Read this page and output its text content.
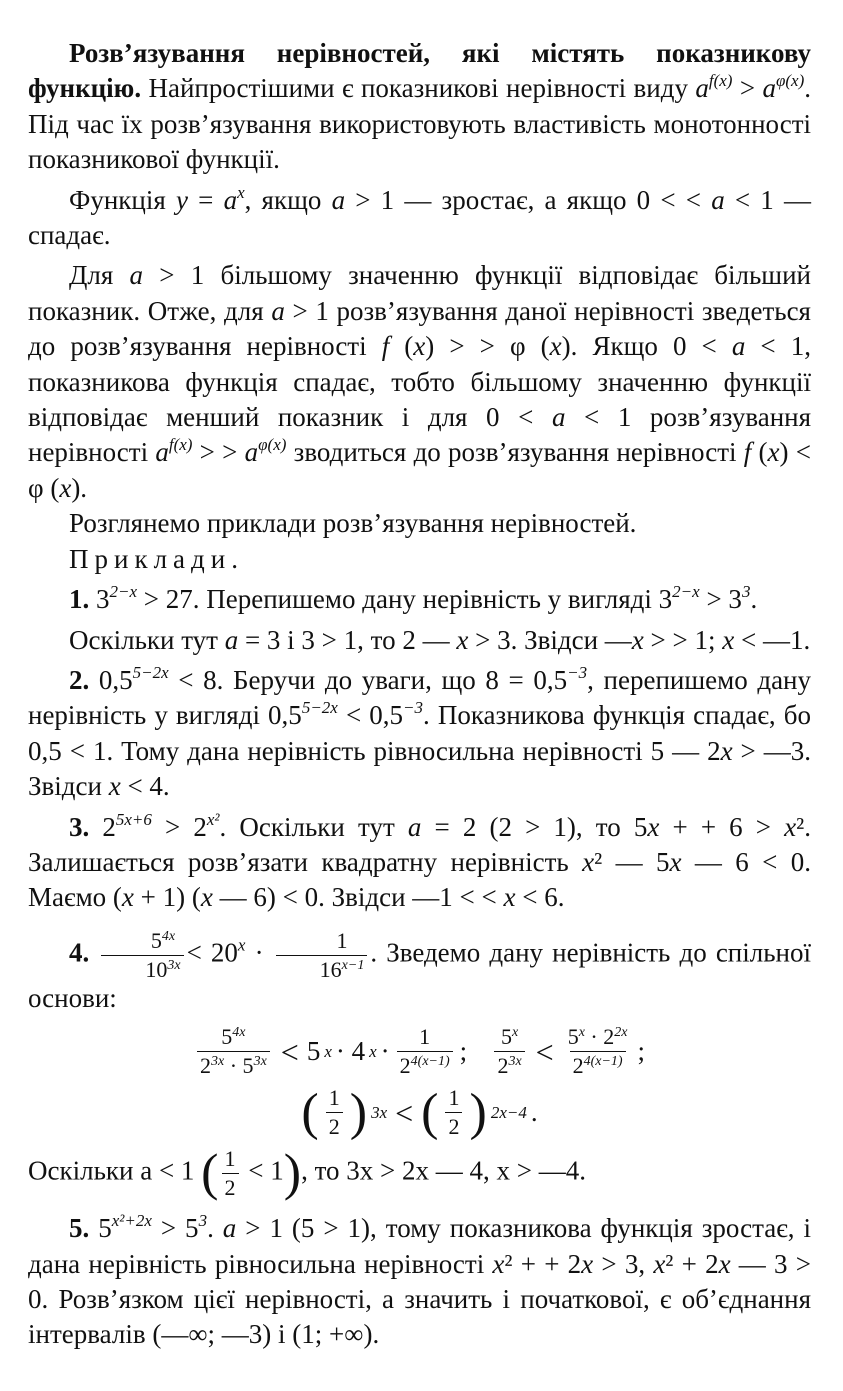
Розв’язування нерівностей, які містять показникову функцію. Найпростішими є показникові нерівності виду $a^{f(x)} > a^{\varphi(x)}$. Під час їх розв’язування використовують властивість монотонності показникової функції.

Функція $y = a^x$, якщо a > 1 — зростає, а якщо 0 < < a < 1 — спадає.

Для a > 1 більшому значенню функції відповідає більший показник. Отже, для a > 1 розв’язування даної нерівності зведеться до розв’язування нерівності f (x) > > φ (x). Якщо 0 < a < 1, показникова функція спадає, тобто більшому значенню функції відповідає менший показник і для 0 < a < 1 розв’язування нерівності $a^{f(x)}$ > > $a^{\varphi(x)}$ зводиться до розв’язування нерівності f (x) < φ (x).

Розглянемо приклади розв’язування нерівностей.

Приклади.

1. $3^{2-x} > 27$. Перепишемо дану нерівність у вигляді $3^{2-x} > 3^3$.

Оскільки тут a = 3 і 3 > 1, то 2 — x > 3. Звідси —x > > 1; x < —1.

2. $0,5^{5-2x} < 8$. Беручи до уваги, що $8 = 0,5^{-3}$, перепишемо дану нерівність у вигляді $0,5^{5-2x} < 0,5^{-3}$. Показникова функція спадає, бо 0,5 < 1. Тому дана нерівність рівносильна нерівності 5 — 2x > —3. Звідси x < 4.

3. $2^{5x+6} > 2^{x^2}$. Оскільки тут a = 2 (2 > 1), то 5x + + 6 > x². Залишається розв’язати квадратну нерівність x² — 5x — 6 < 0. Маємо (x + 1) (x — 6) < 0. Звідси —1 < < x < 6.

4. $\frac{5^{4x}}{10^{3x}} < 20^x \cdot \frac{1}{16^{x-1}}$ . Зведемо дану нерівність до спільної основи:

$\frac{5^{4x}}{2^{3x} \cdot 5^{3x}} < 5$ x · 4 $x \cdot \frac{1}{2^{4(x-1)}}$ ; $\frac{5^x}{2^{3x}} < \frac{5^x \cdot 2^{2x}}{2^{4(x-1)}}$ ;
( $\frac{1}{2}$ ) 3x < ( $\frac{1}{2}$ ) 2x−4 .

Оскільки a < 1 ( $\frac{1}{2} < 1$), то 3x > 2x — 4, x > —4.

5. $5^{x^2+2x} > 5^3$. a > 1 (5 > 1), тому показникова функція зростає, і дана нерівність рівносильна нерівності x² + + 2x > 3, x² + 2x — 3 > 0. Розв’язком цієї нерівності, а значить і початкової, є об’єднання інтервалів (—∞; —3) і (1; +∞).
